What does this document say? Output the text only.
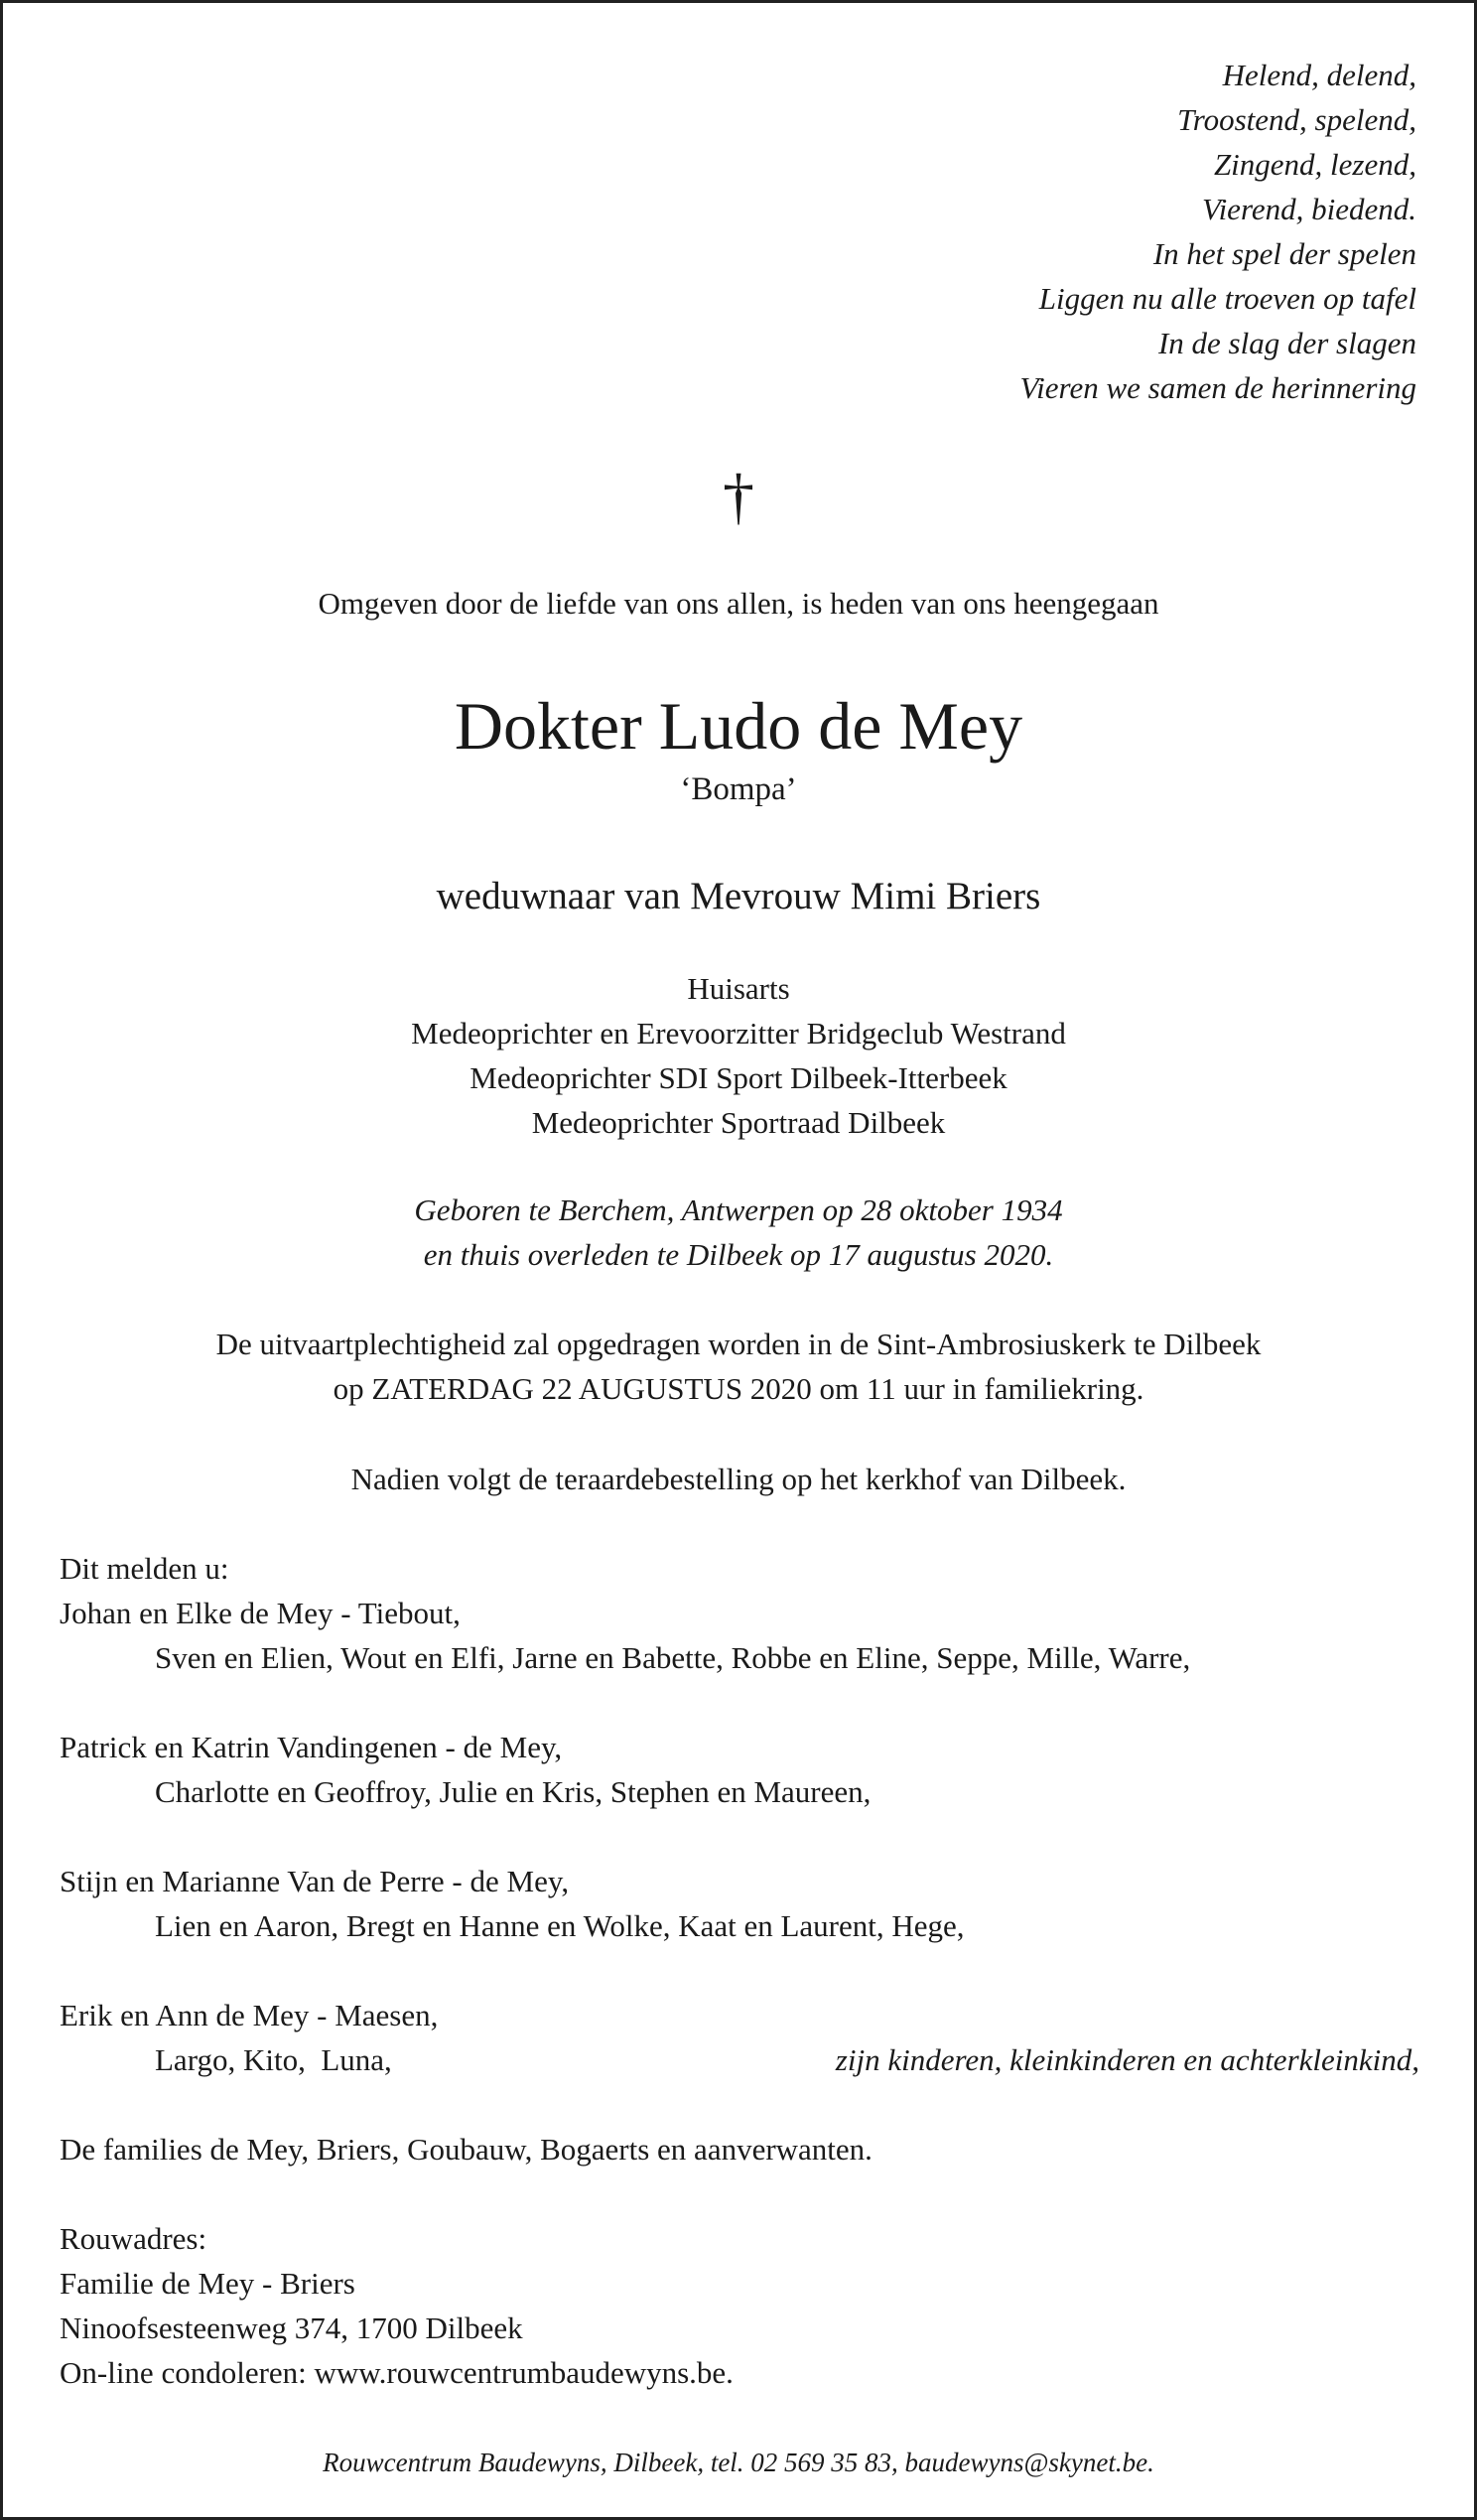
Helend, delend,
Troostend, spelend,
Zingend, lezend,
Vierend, biedend.
In het spel der spelen
Liggen nu alle troeven op tafel
In de slag der slagen
Vieren we samen de herinnering
†
Omgeven door de liefde van ons allen, is heden van ons heengegaan
Dokter Ludo de Mey
‘Bompa’
weduwnaar van Mevrouw Mimi Briers
Huisarts
Medeoprichter en Erevoorzitter Bridgeclub Westrand
Medeoprichter SDI Sport Dilbeek-Itterbeek
Medeoprichter Sportraad Dilbeek
Geboren te Berchem, Antwerpen op 28 oktober 1934
en thuis overleden te Dilbeek op 17 augustus 2020.
De uitvaartplechtigheid zal opgedragen worden in de Sint-Ambrosiuskerk te Dilbeek
op ZATERDAG 22 AUGUSTUS 2020 om 11 uur in familiekring.
Nadien volgt de teraardebestelling op het kerkhof van Dilbeek.
Dit melden u:
Johan en Elke de Mey - Tiebout,
Sven en Elien, Wout en Elfi, Jarne en Babette, Robbe en Eline, Seppe, Mille, Warre,
Patrick en Katrin Vandingenen - de Mey,
Charlotte en Geoffroy, Julie en Kris, Stephen en Maureen,
Stijn en Marianne Van de Perre - de Mey,
Lien en Aaron, Bregt en Hanne en Wolke, Kaat en Laurent, Hege,
Erik en Ann de Mey - Maesen,
Largo, Kito,  Luna,	zijn kinderen, kleinkinderen en achterkleinkind,
De families de Mey, Briers, Goubauw, Bogaerts en aanverwanten.
Rouwadres:
Familie de Mey - Briers
Ninoofsesteenweg 374, 1700 Dilbeek
On-line condoleren: www.rouwcentrumbaudewyns.be.
Rouwcentrum Baudewyns, Dilbeek, tel. 02 569 35 83, baudewyns@skynet.be.
